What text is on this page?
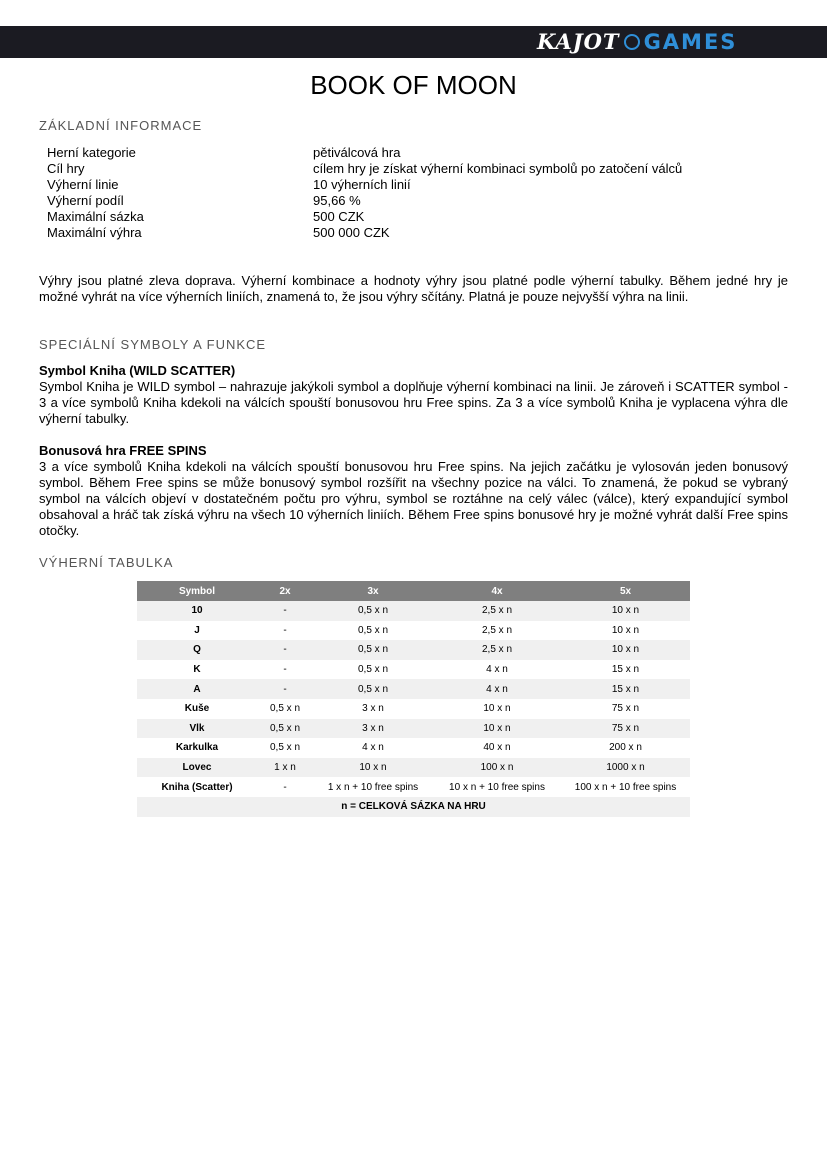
KAJOT GAMES
BOOK OF MOON
ZÁKLADNÍ INFORMACE
Herní kategorie	pětiválcová hra
Cíl hry	cílem hry je získat výherní kombinaci symbolů po zatočení válců
Výherní linie	10 výherních linií
Výherní podíl	95,66 %
Maximální sázka	500 CZK
Maximální výhra	500 000 CZK
Výhry jsou platné zleva doprava. Výherní kombinace a hodnoty výhry jsou platné podle výherní tabulky. Během jedné hry je možné vyhrát na více výherních liniích, znamená to, že jsou výhry sčítány. Platná je pouze nejvyšší výhra na linii.
SPECIÁLNÍ SYMBOLY A FUNKCE
Symbol Kniha (WILD SCATTER)
Symbol Kniha je WILD symbol – nahrazuje jakýkoli symbol a doplňuje výherní kombinaci na linii. Je zároveň i SCATTER symbol - 3 a více symbolů Kniha kdekoli na válcích spouští bonusovou hru Free spins. Za 3 a více symbolů Kniha je vyplacena výhra dle výherní tabulky.
Bonusová hra FREE SPINS
3 a více symbolů Kniha kdekoli na válcích spouští bonusovou hru Free spins. Na jejich začátku je vylosován jeden bonusový symbol. Během Free spins se může bonusový symbol rozšířit na všechny pozice na válci. To znamená, že pokud se vybraný symbol na válcích objeví v dostatečném počtu pro výhru, symbol se roztáhne na celý válec (válce), který expandující symbol obsahoval a hráč tak získá výhru na všech 10 výherních liniích. Během Free spins bonusové hry je možné vyhrát další Free spins otočky.
VÝHERNÍ TABULKA
Symbol	2x	3x	4x	5x
10	-	0,5 x n	2,5 x n	10 x n
J	-	0,5 x n	2,5 x n	10 x n
Q	-	0,5 x n	2,5 x n	10 x n
K	-	0,5 x n	4 x n	15 x n
A	-	0,5 x n	4 x n	15 x n
Kuše	0,5 x n	3 x n	10 x n	75 x n
Vlk	0,5 x n	3 x n	10 x n	75 x n
Karkulka	0,5 x n	4 x n	40 x n	200 x n
Lovec	1 x n	10 x n	100 x n	1000 x n
Kniha (Scatter)	-	1 x n + 10 free spins	10 x n + 10 free spins	100 x n + 10 free spins
n = CELKOVÁ SÁZKA NA HRU				
